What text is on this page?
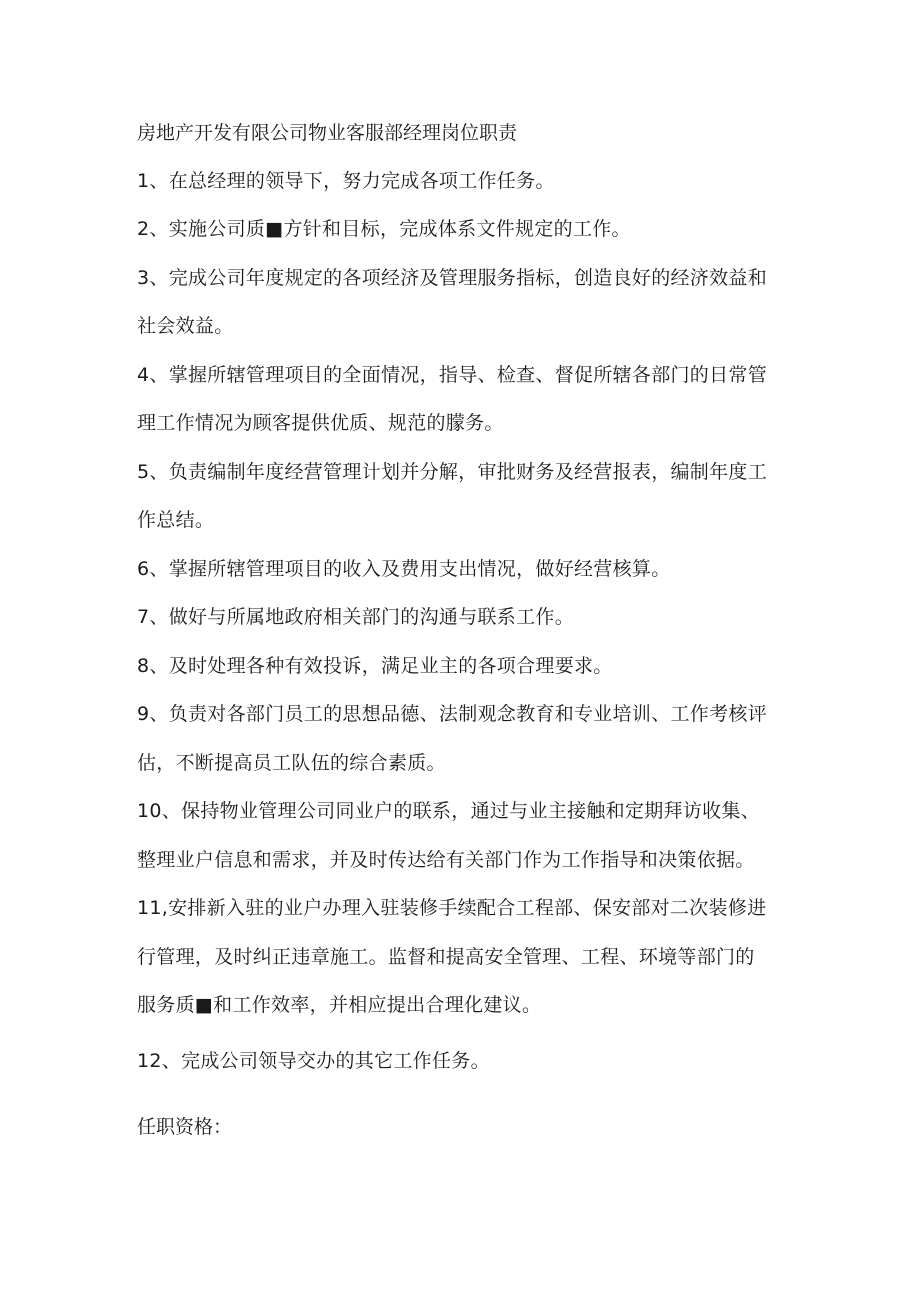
房地产开发有限公司物业客服部经理岗位职责
1、在总经理的领导下，努力完成各项工作任务。
2、实施公司质■方针和目标，完成体系文件规定的工作。
3、完成公司年度规定的各项经济及管理服务指标，创造良好的经济效益和
社会效益。
4、掌握所辖管理项目的全面情况，指导、检查、督促所辖各部门的日常管
理工作情况为顾客提供优质、规范的朦务。
5、负责编制年度经营管理计划并分解，审批财务及经营报表，编制年度工
作总结。
6、掌握所辖管理项目的收入及费用支出情况，做好经营核算。
7、做好与所属地政府相关部门的沟通与联系工作。
8、及时处理各种有效投诉，满足业主的各项合理要求。
9、负责对各部门员工的思想品德、法制观念教育和专业培训、工作考核评
估，不断提高员工队伍的综合素质。
10、保持物业管理公司同业户的联系，通过与业主接触和定期拜访收集、
整理业户信息和需求，并及时传达给有关部门作为工作指导和决策依据。
11,安排新入驻的业户办理入驻装修手续配合工程部、保安部对二次装修进
行管理，及时纠正违章施工。监督和提高安全管理、工程、环境等部门的
服务质■和工作效率，并相应提出合理化建议。
12、完成公司领导交办的其它工作任务。
任职资格：
